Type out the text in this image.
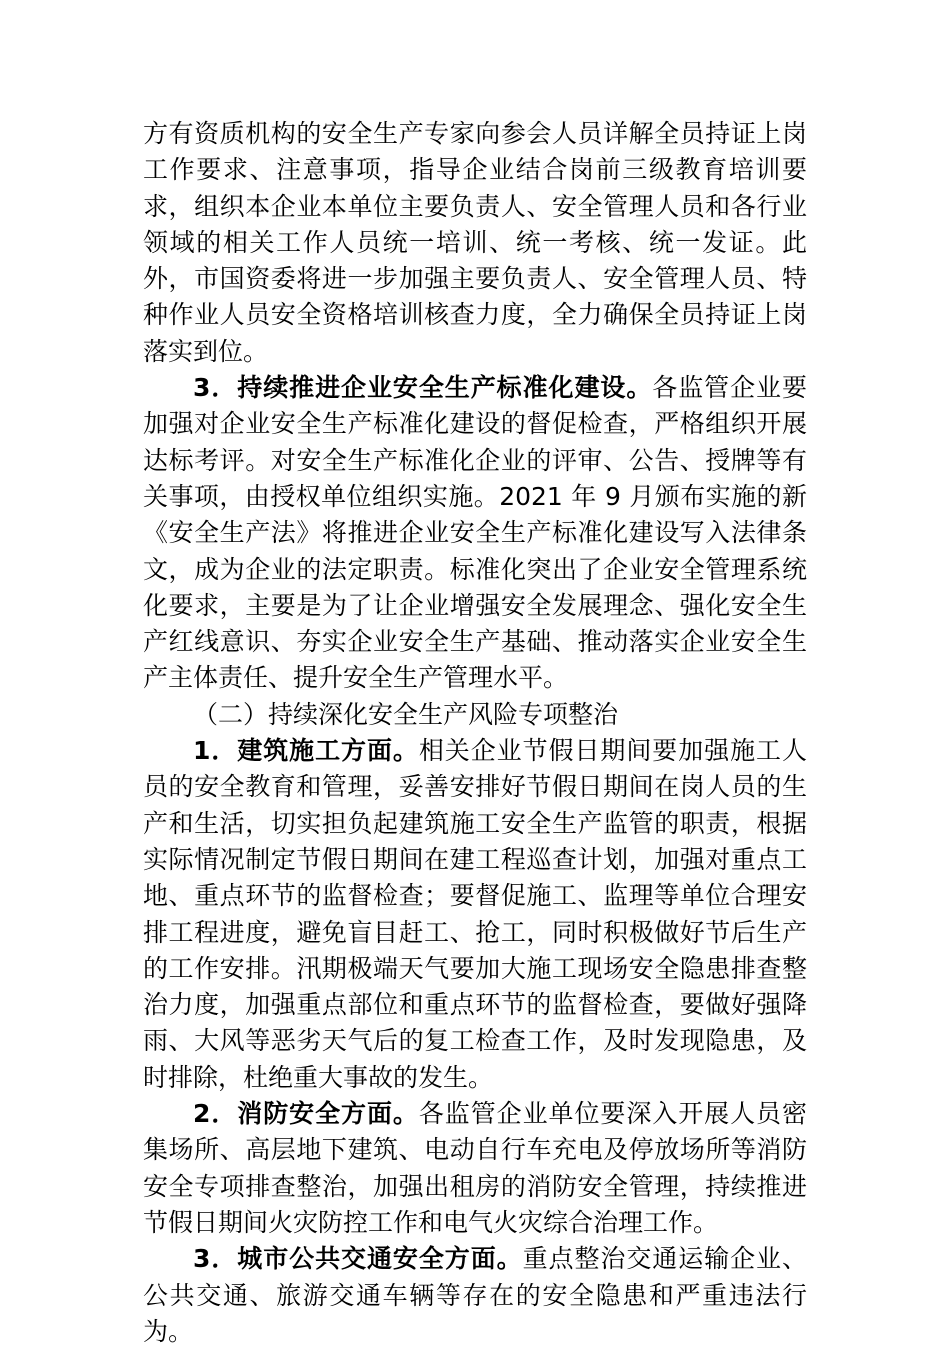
方有资质机构的安全生产专家向参会人员详解全员持证上岗工作要求、注意事项，指导企业结合岗前三级教育培训要求，组织本企业本单位主要负责人、安全管理人员和各行业领域的相关工作人员统一培训、统一考核、统一发证。此外，市国资委将进一步加强主要负责人、安全管理人员、特种作业人员安全资格培训核查力度，全力确保全员持证上岗落实到位。

3．持续推进企业安全生产标准化建设。各监管企业要加强对企业安全生产标准化建设的督促检查，严格组织开展达标考评。对安全生产标准化企业的评审、公告、授牌等有关事项，由授权单位组织实施。2021 年 9 月颁布实施的新《安全生产法》将推进企业安全生产标准化建设写入法律条文，成为企业的法定职责。标准化突出了企业安全管理系统化要求，主要是为了让企业增强安全发展理念、强化安全生产红线意识、夯实企业安全生产基础、推动落实企业安全生产主体责任、提升安全生产管理水平。

（二）持续深化安全生产风险专项整治

1．建筑施工方面。相关企业节假日期间要加强施工人员的安全教育和管理，妥善安排好节假日期间在岗人员的生产和生活，切实担负起建筑施工安全生产监管的职责，根据实际情况制定节假日期间在建工程巡查计划，加强对重点工地、重点环节的监督检查；要督促施工、监理等单位合理安排工程进度，避免盲目赶工、抢工，同时积极做好节后生产的工作安排。汛期极端天气要加大施工现场安全隐患排查整治力度，加强重点部位和重点环节的监督检查，要做好强降雨、大风等恶劣天气后的复工检查工作，及时发现隐患，及时排除，杜绝重大事故的发生。

2．消防安全方面。各监管企业单位要深入开展人员密集场所、高层地下建筑、电动自行车充电及停放场所等消防安全专项排查整治，加强出租房的消防安全管理，持续推进节假日期间火灾防控工作和电气火灾综合治理工作。

3．城市公共交通安全方面。重点整治交通运输企业、公共交通、旅游交通车辆等存在的安全隐患和严重违法行为。
